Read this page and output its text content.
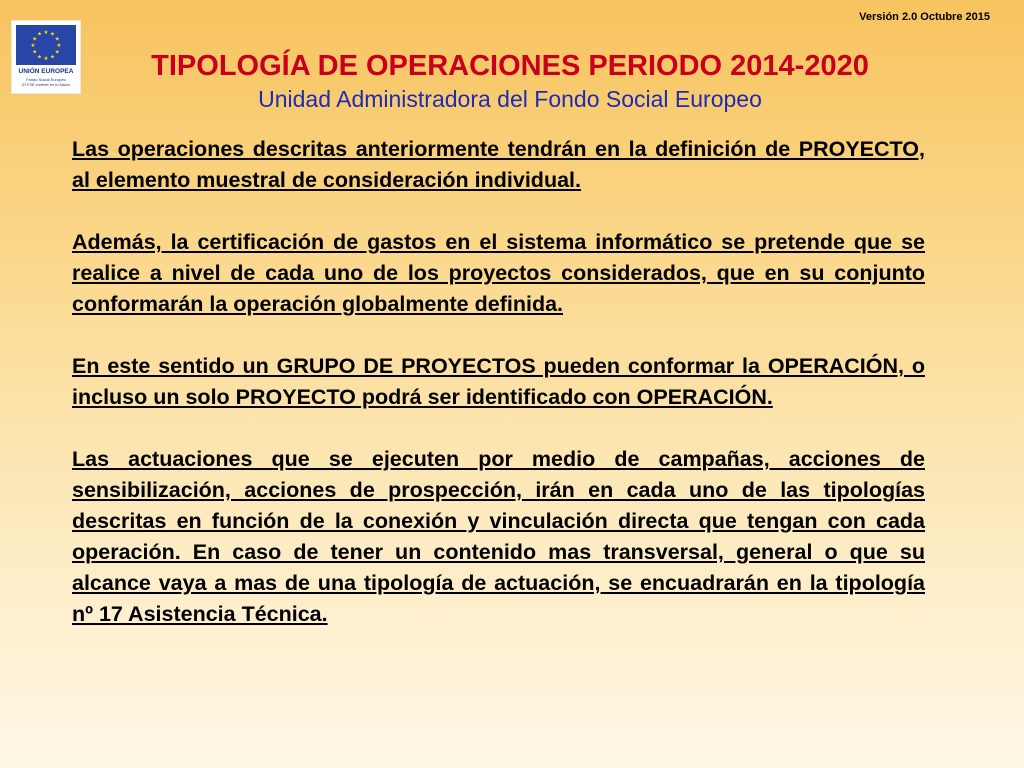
Versión 2.0 Octubre 2015
★ ★
★
★
★
★
★
★
★
★
★
★
UNIÓN EUROPEA
Fondo Social Europeo
El FSE invierte en tu futuro
TIPOLOGÍA DE OPERACIONES PERIODO 2014-2020
Unidad Administradora del Fondo Social Europeo

Las operaciones descritas anteriormente tendrán en la definición de PROYECTO, al elemento muestral de consideración individual.

Además, la certificación de gastos en el sistema informático se pretende que se realice a nivel de cada uno de los proyectos considerados, que en su conjunto conformarán la operación globalmente definida.

En este sentido un GRUPO DE PROYECTOS pueden conformar la OPERACIÓN, o incluso un solo PROYECTO podrá ser identificado con OPERACIÓN.

Las actuaciones que se ejecuten por medio de campañas, acciones de sensibilización, acciones de prospección, irán en cada uno de las tipologías descritas en función de la conexión y vinculación directa que tengan con cada operación. En caso de tener un contenido mas transversal, general o que su alcance vaya a mas de una tipología de actuación, se encuadrarán en la tipología nº 17 Asistencia Técnica.
